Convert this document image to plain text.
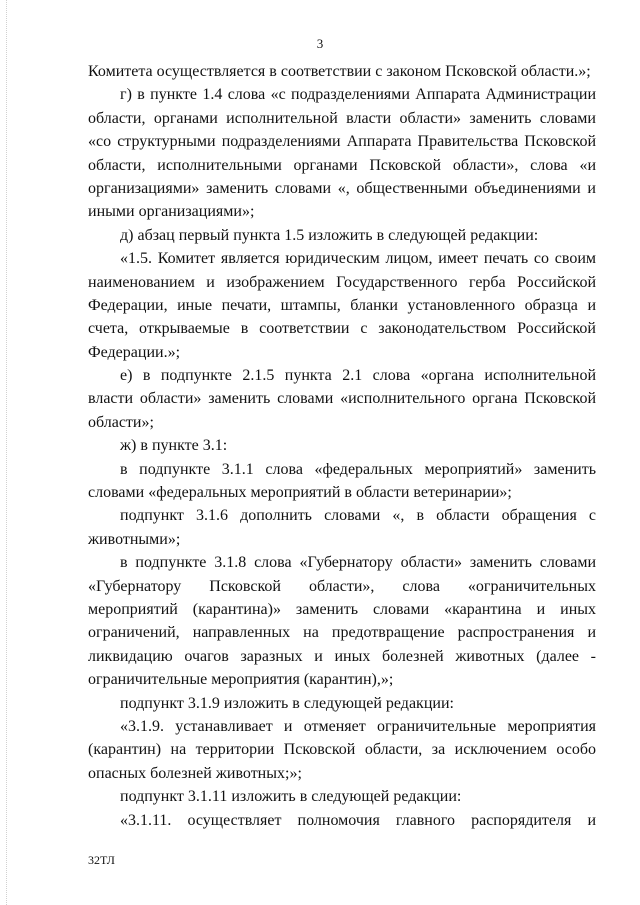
3
Комитета осуществляется в соответствии с законом Псковской области.»;
г) в пункте 1.4 слова «с подразделениями Аппарата Администрации
области, органами исполнительной власти области» заменить словами
«со структурными подразделениями Аппарата Правительства Псковской
области, исполнительными органами Псковской области», слова «и
организациями» заменить словами «, общественными объединениями и
иными организациями»;
д) абзац первый пункта 1.5 изложить в следующей редакции:
«1.5. Комитет является юридическим лицом, имеет печать со своим
наименованием и изображением Государственного герба Российской
Федерации, иные печати, штампы, бланки установленного образца и
счета, открываемые в соответствии с законодательством Российской
Федерации.»;
е) в подпункте 2.1.5 пункта 2.1 слова «органа исполнительной
власти области» заменить словами «исполнительного органа Псковской
области»;
ж) в пункте 3.1:
в подпункте 3.1.1 слова «федеральных мероприятий» заменить
словами «федеральных мероприятий в области ветеринарии»;
подпункт 3.1.6 дополнить словами «, в области обращения с
животными»;
в подпункте 3.1.8 слова «Губернатору области» заменить словами
«Губернатору Псковской области», слова «ограничительных
мероприятий (карантина)» заменить словами «карантина и иных
ограничений, направленных на предотвращение распространения и
ликвидацию очагов заразных и иных болезней животных (далее -
ограничительные мероприятия (карантин),»;
подпункт 3.1.9 изложить в следующей редакции:
«3.1.9. устанавливает и отменяет ограничительные мероприятия
(карантин) на территории Псковской области, за исключением особо
опасных болезней животных;»;
подпункт 3.1.11 изложить в следующей редакции:
«3.1.11. осуществляет полномочия главного распорядителя и
32ТЛ
